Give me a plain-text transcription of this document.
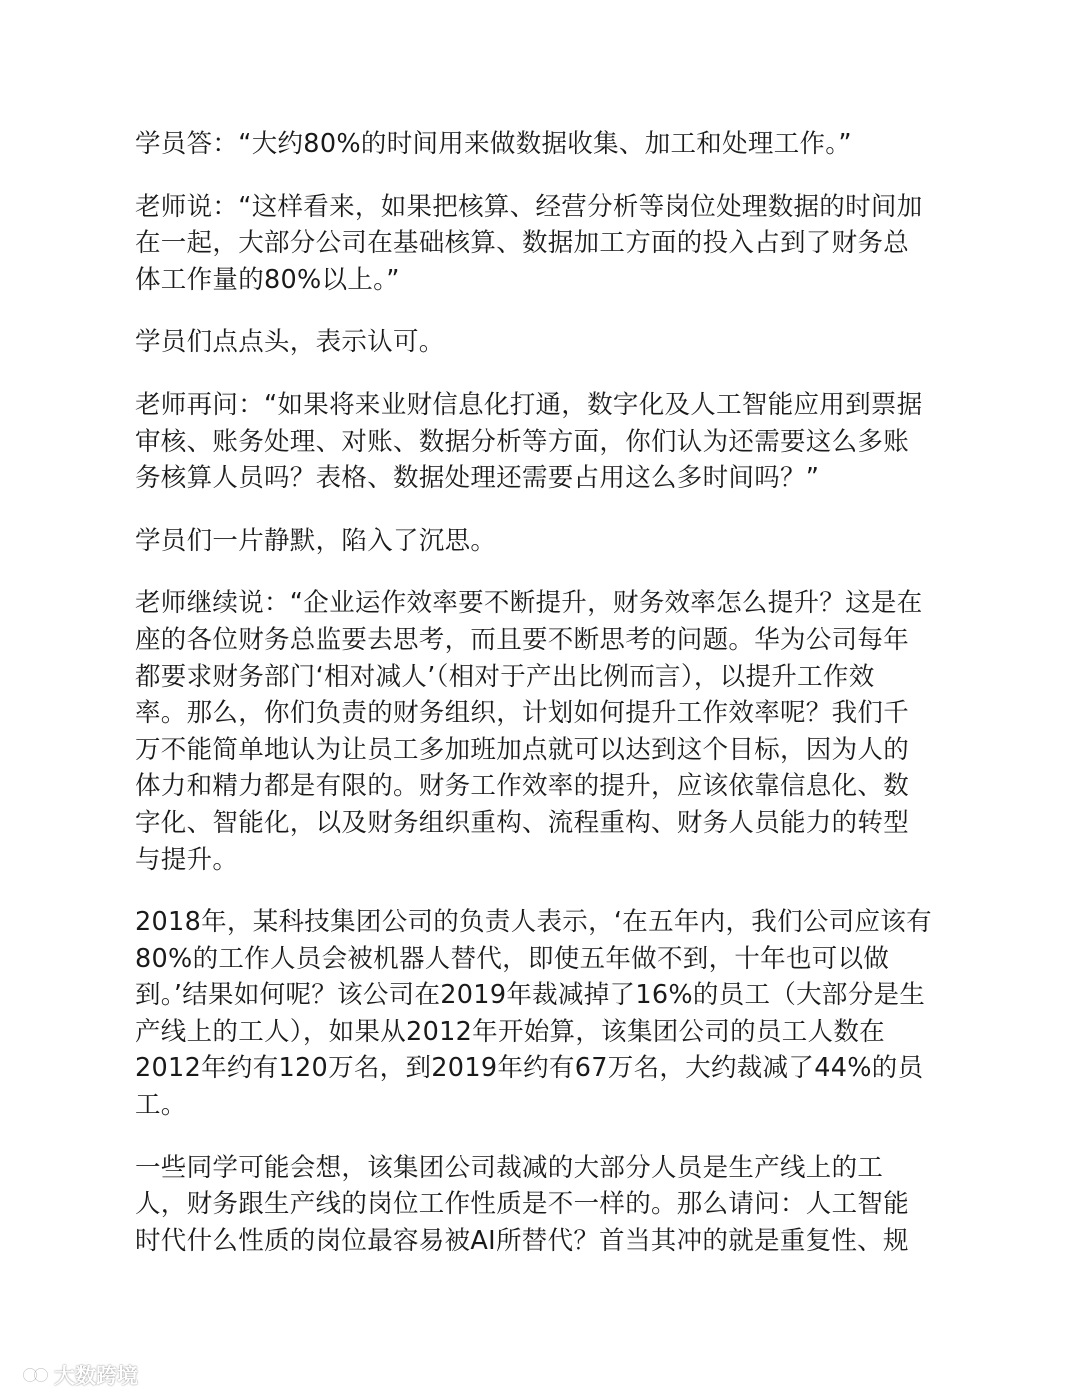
学员答：“大约80%的时间用来做数据收集、加工和处理工作。”

老师说：“这样看来，如果把核算、经营分析等岗位处理数据的时间加
在一起，大部分公司在基础核算、数据加工方面的投入占到了财务总
体工作量的80%以上。”

学员们点点头，表示认可。

老师再问：“如果将来业财信息化打通，数字化及人工智能应用到票据
审核、账务处理、对账、数据分析等方面，你们认为还需要这么多账
务核算人员吗？表格、数据处理还需要占用这么多时间吗？”

学员们一片静默，陷入了沉思。

老师继续说：“企业运作效率要不断提升，财务效率怎么提升？这是在
座的各位财务总监要去思考，而且要不断思考的问题。华为公司每年
都要求财务部门‘相对减人’（相对于产出比例而言），以提升工作效
率。那么，你们负责的财务组织，计划如何提升工作效率呢？我们千
万不能简单地认为让员工多加班加点就可以达到这个目标，因为人的
体力和精力都是有限的。财务工作效率的提升，应该依靠信息化、数
字化、智能化，以及财务组织重构、流程重构、财务人员能力的转型
与提升。

2018年，某科技集团公司的负责人表示，‘在五年内，我们公司应该有
80%的工作人员会被机器人替代，即使五年做不到，十年也可以做
到。’结果如何呢？该公司在2019年裁减掉了16%的员工（大部分是生
产线上的工人），如果从2012年开始算，该集团公司的员工人数在
2012年约有120万名，到2019年约有67万名，大约裁减了44%的员工。

一些同学可能会想，该集团公司裁减的大部分人员是生产线上的工
人，财务跟生产线的岗位工作性质是不一样的。那么请问：人工智能
时代什么性质的岗位最容易被AI所替代？首当其冲的就是重复性、规

大数跨境
